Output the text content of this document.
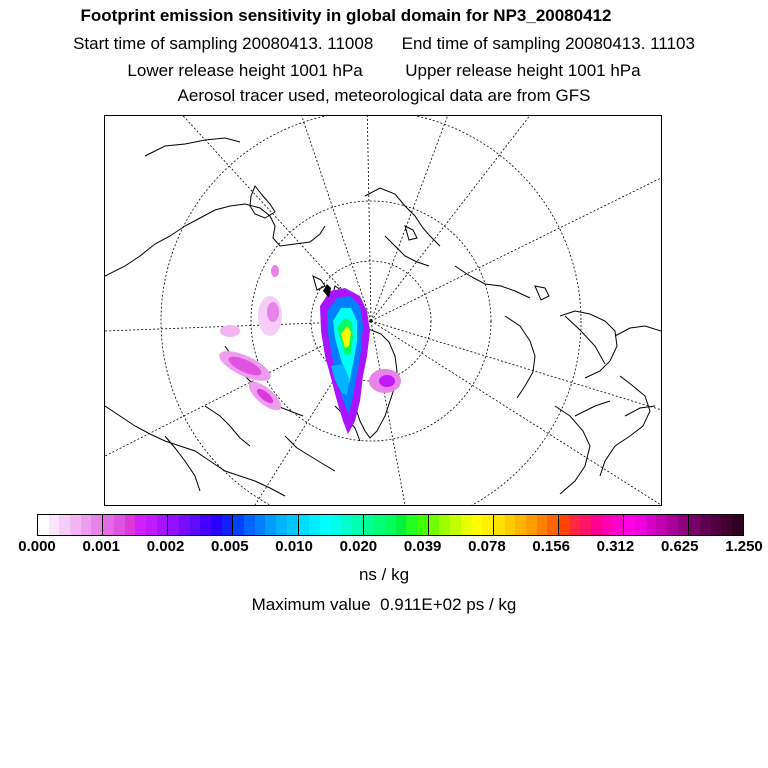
Footprint emission sensitivity in global domain for NP3_20080412
Start time of sampling 20080413. 11008      End time of sampling 20080413. 11103
Lower release height 1001 hPa         Upper release height 1001 hPa
Aerosol tracer used, meteorological data are from GFS
0.000 0.001 0.002 0.005 0.010 0.020 0.039 0.078 0.156 0.312 0.625 1.250
ns / kg
Maximum value  0.911E+02 ps / kg
